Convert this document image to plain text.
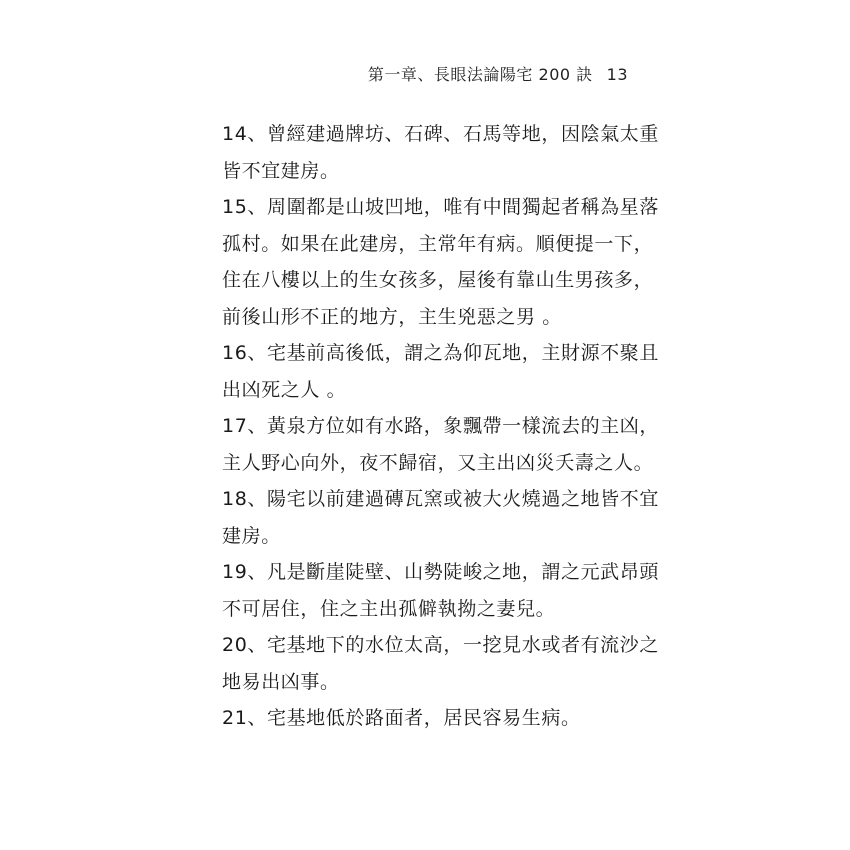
第一章、長眼法論陽宅 200 訣 13

14、曾經建過牌坊、石碑、石馬等地，因陰氣太重

皆不宜建房。

15、周圍都是山坡凹地，唯有中間獨起者稱為星落

孤村。如果在此建房，主常年有病。順便提一下，

住在八樓以上的生女孩多，屋後有靠山生男孩多，

前後山形不正的地方，主生兇惡之男 。

16、宅基前高後低，謂之為仰瓦地，主財源不聚且

出凶死之人 。

17、黃泉方位如有水路，象飄帶一樣流去的主凶，

主人野心向外，夜不歸宿，又主出凶災夭壽之人。

18、陽宅以前建過磚瓦窯或被大火燒過之地皆不宜

建房。

19、凡是斷崖陡壁、山勢陡峻之地，謂之元武昂頭

不可居住，住之主出孤僻執拗之妻兒。

20、宅基地下的水位太高，一挖見水或者有流沙之

地易出凶事。

21、宅基地低於路面者，居民容易生病。
